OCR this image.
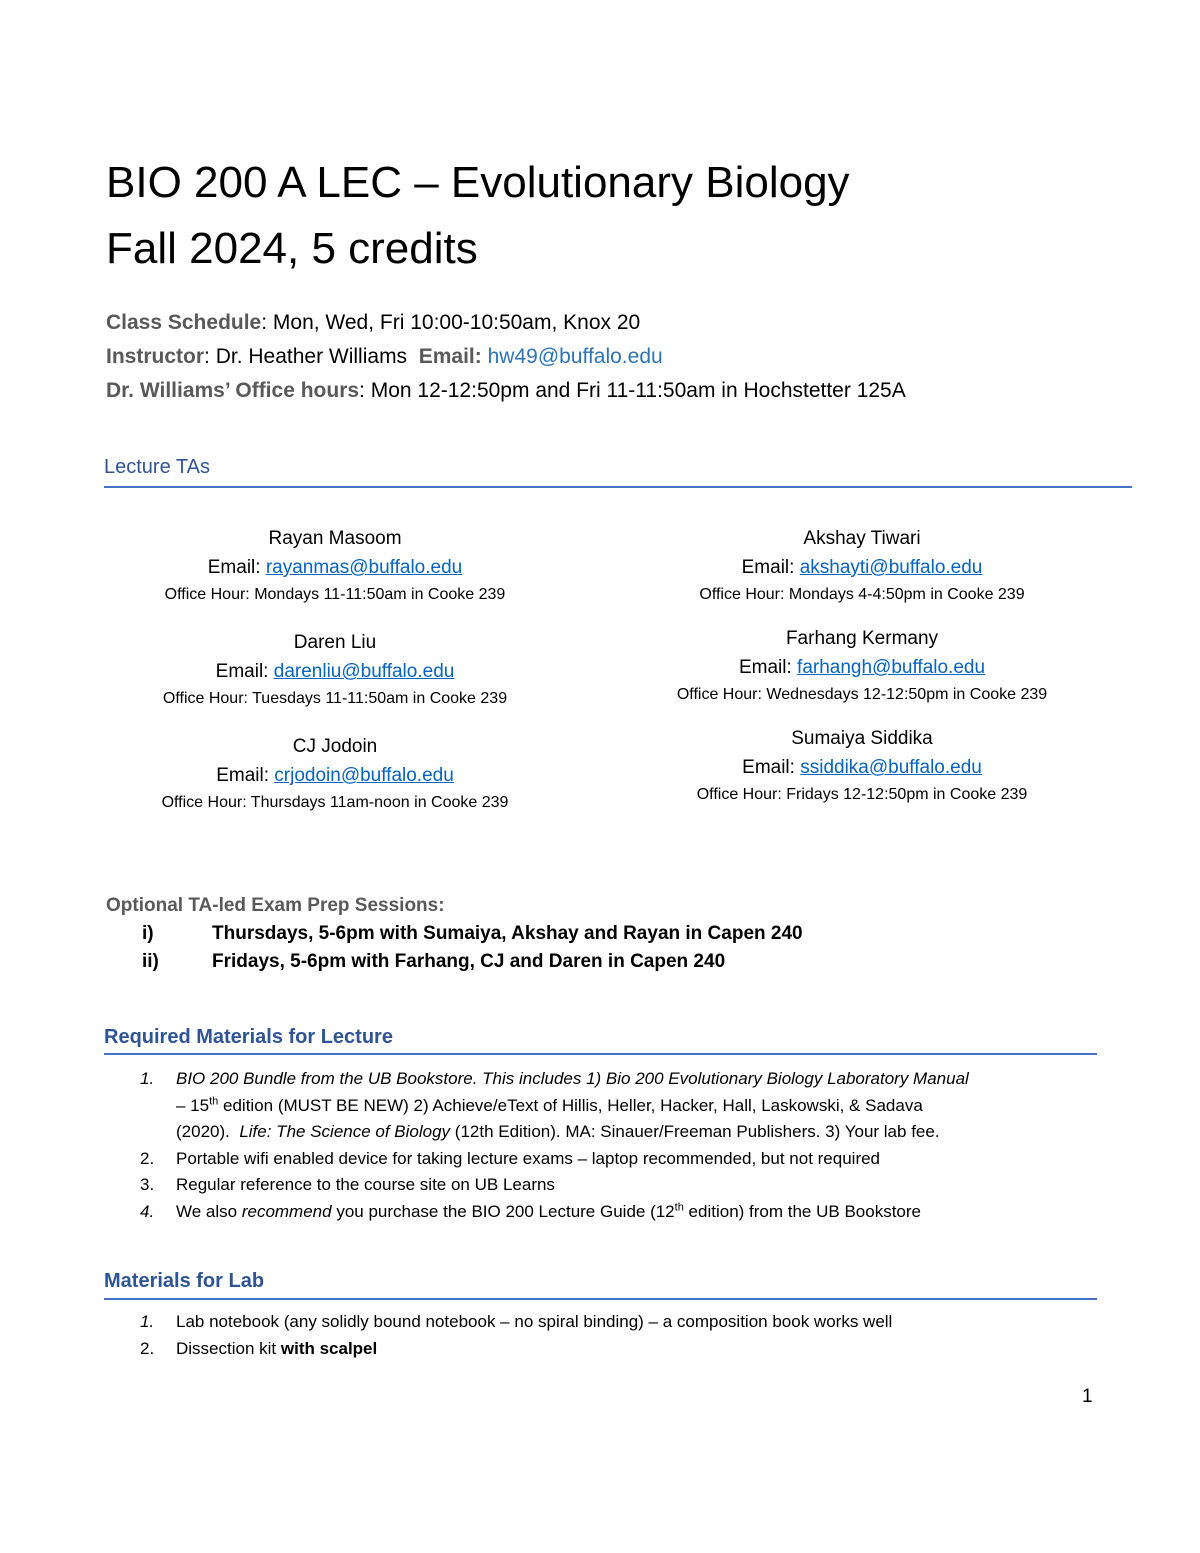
BIO 200 A LEC – Evolutionary Biology
Fall 2024, 5 credits
Class Schedule: Mon, Wed, Fri 10:00-10:50am, Knox 20
Instructor: Dr. Heather Williams Email: hw49@buffalo.edu
Dr. Williams’ Office hours: Mon 12-12:50pm and Fri 11-11:50am in Hochstetter 125A
Lecture TAs
Rayan Masoom
Email: rayanmas@buffalo.edu
Office Hour: Mondays 11-11:50am in Cooke 239
Daren Liu
Email: darenliu@buffalo.edu
Office Hour: Tuesdays 11-11:50am in Cooke 239
CJ Jodoin
Email: crjodoin@buffalo.edu
Office Hour: Thursdays 11am-noon in Cooke 239
Akshay Tiwari
Email: akshayti@buffalo.edu
Office Hour: Mondays 4-4:50pm in Cooke 239
Farhang Kermany
Email: farhangh@buffalo.edu
Office Hour: Wednesdays 12-12:50pm in Cooke 239
Sumaiya Siddika
Email: ssiddika@buffalo.edu
Office Hour: Fridays 12-12:50pm in Cooke 239
Optional TA-led Exam Prep Sessions:
i)	Thursdays, 5-6pm with Sumaiya, Akshay and Rayan in Capen 240
ii)	Fridays, 5-6pm with Farhang, CJ and Daren in Capen 240
Required Materials for Lecture
1. BIO 200 Bundle from the UB Bookstore. This includes 1) Bio 200 Evolutionary Biology Laboratory Manual
– 15th edition (MUST BE NEW) 2) Achieve/eText of Hillis, Heller, Hacker, Hall, Laskowski, & Sadava
(2020).  Life: The Science of Biology (12th Edition). MA: Sinauer/Freeman Publishers. 3) Your lab fee.
2. Portable wifi enabled device for taking lecture exams – laptop recommended, but not required
3. Regular reference to the course site on UB Learns
4. We also recommend you purchase the BIO 200 Lecture Guide (12th edition) from the UB Bookstore
Materials for Lab
1. Lab notebook (any solidly bound notebook – no spiral binding) – a composition book works well
2. Dissection kit with scalpel
1
